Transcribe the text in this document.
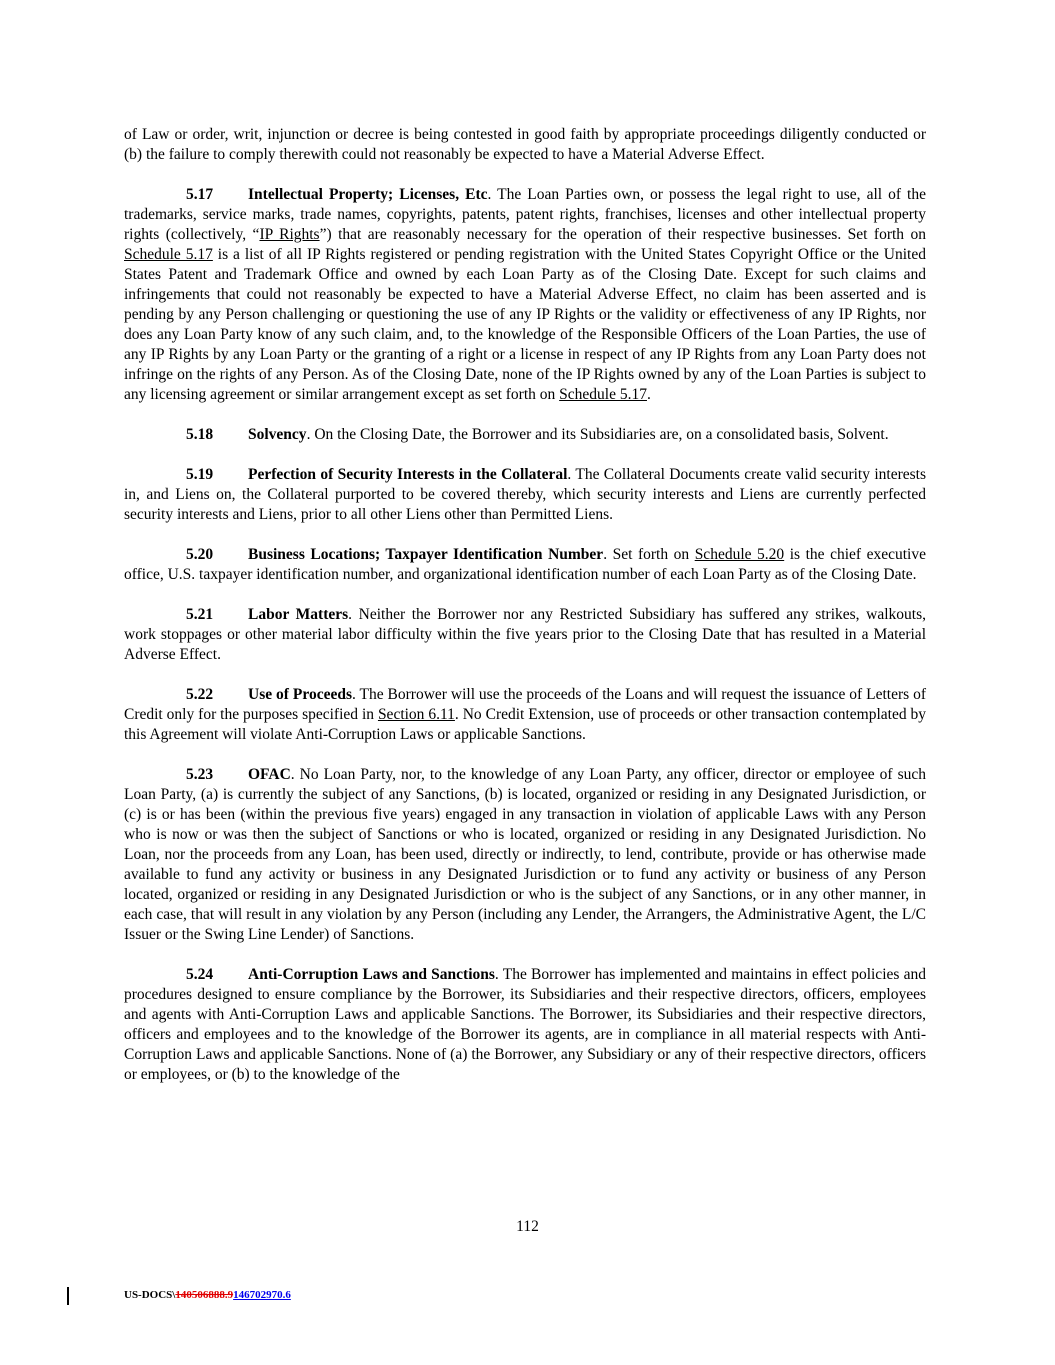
of Law or order, writ, injunction or decree is being contested in good faith by appropriate proceedings diligently conducted or (b) the failure to comply therewith could not reasonably be expected to have a Material Adverse Effect.

5.17 Intellectual Property; Licenses, Etc. The Loan Parties own, or possess the legal right to use, all of the trademarks, service marks, trade names, copyrights, patents, patent rights, franchises, licenses and other intellectual property rights (collectively, “IP Rights”) that are reasonably necessary for the operation of their respective businesses. Set forth on Schedule 5.17 is a list of all IP Rights registered or pending registration with the United States Copyright Office or the United States Patent and Trademark Office and owned by each Loan Party as of the Closing Date. Except for such claims and infringements that could not reasonably be expected to have a Material Adverse Effect, no claim has been asserted and is pending by any Person challenging or questioning the use of any IP Rights or the validity or effectiveness of any IP Rights, nor does any Loan Party know of any such claim, and, to the knowledge of the Responsible Officers of the Loan Parties, the use of any IP Rights by any Loan Party or the granting of a right or a license in respect of any IP Rights from any Loan Party does not infringe on the rights of any Person. As of the Closing Date, none of the IP Rights owned by any of the Loan Parties is subject to any licensing agreement or similar arrangement except as set forth on Schedule 5.17.

5.18 Solvency. On the Closing Date, the Borrower and its Subsidiaries are, on a consolidated basis, Solvent.

5.19 Perfection of Security Interests in the Collateral. The Collateral Documents create valid security interests in, and Liens on, the Collateral purported to be covered thereby, which security interests and Liens are currently perfected security interests and Liens, prior to all other Liens other than Permitted Liens.

5.20 Business Locations; Taxpayer Identification Number. Set forth on Schedule 5.20 is the chief executive office, U.S. taxpayer identification number, and organizational identification number of each Loan Party as of the Closing Date.

5.21 Labor Matters. Neither the Borrower nor any Restricted Subsidiary has suffered any strikes, walkouts, work stoppages or other material labor difficulty within the five years prior to the Closing Date that has resulted in a Material Adverse Effect.

5.22 Use of Proceeds. The Borrower will use the proceeds of the Loans and will request the issuance of Letters of Credit only for the purposes specified in Section 6.11. No Credit Extension, use of proceeds or other transaction contemplated by this Agreement will violate Anti-Corruption Laws or applicable Sanctions.

5.23 OFAC. No Loan Party, nor, to the knowledge of any Loan Party, any officer, director or employee of such Loan Party, (a) is currently the subject of any Sanctions, (b) is located, organized or residing in any Designated Jurisdiction, or (c) is or has been (within the previous five years) engaged in any transaction in violation of applicable Laws with any Person who is now or was then the subject of Sanctions or who is located, organized or residing in any Designated Jurisdiction. No Loan, nor the proceeds from any Loan, has been used, directly or indirectly, to lend, contribute, provide or has otherwise made available to fund any activity or business in any Designated Jurisdiction or to fund any activity or business of any Person located, organized or residing in any Designated Jurisdiction or who is the subject of any Sanctions, or in any other manner, in each case, that will result in any violation by any Person (including any Lender, the Arrangers, the Administrative Agent, the L/C Issuer or the Swing Line Lender) of Sanctions.

5.24 Anti-Corruption Laws and Sanctions. The Borrower has implemented and maintains in effect policies and procedures designed to ensure compliance by the Borrower, its Subsidiaries and their respective directors, officers, employees and agents with Anti-Corruption Laws and applicable Sanctions. The Borrower, its Subsidiaries and their respective directors, officers and employees and to the knowledge of the Borrower its agents, are in compliance in all material respects with Anti-Corruption Laws and applicable Sanctions. None of (a) the Borrower, any Subsidiary or any of their respective directors, officers or employees, or (b) to the knowledge of the

112
US-DOCS\140506888.9146702970.6
